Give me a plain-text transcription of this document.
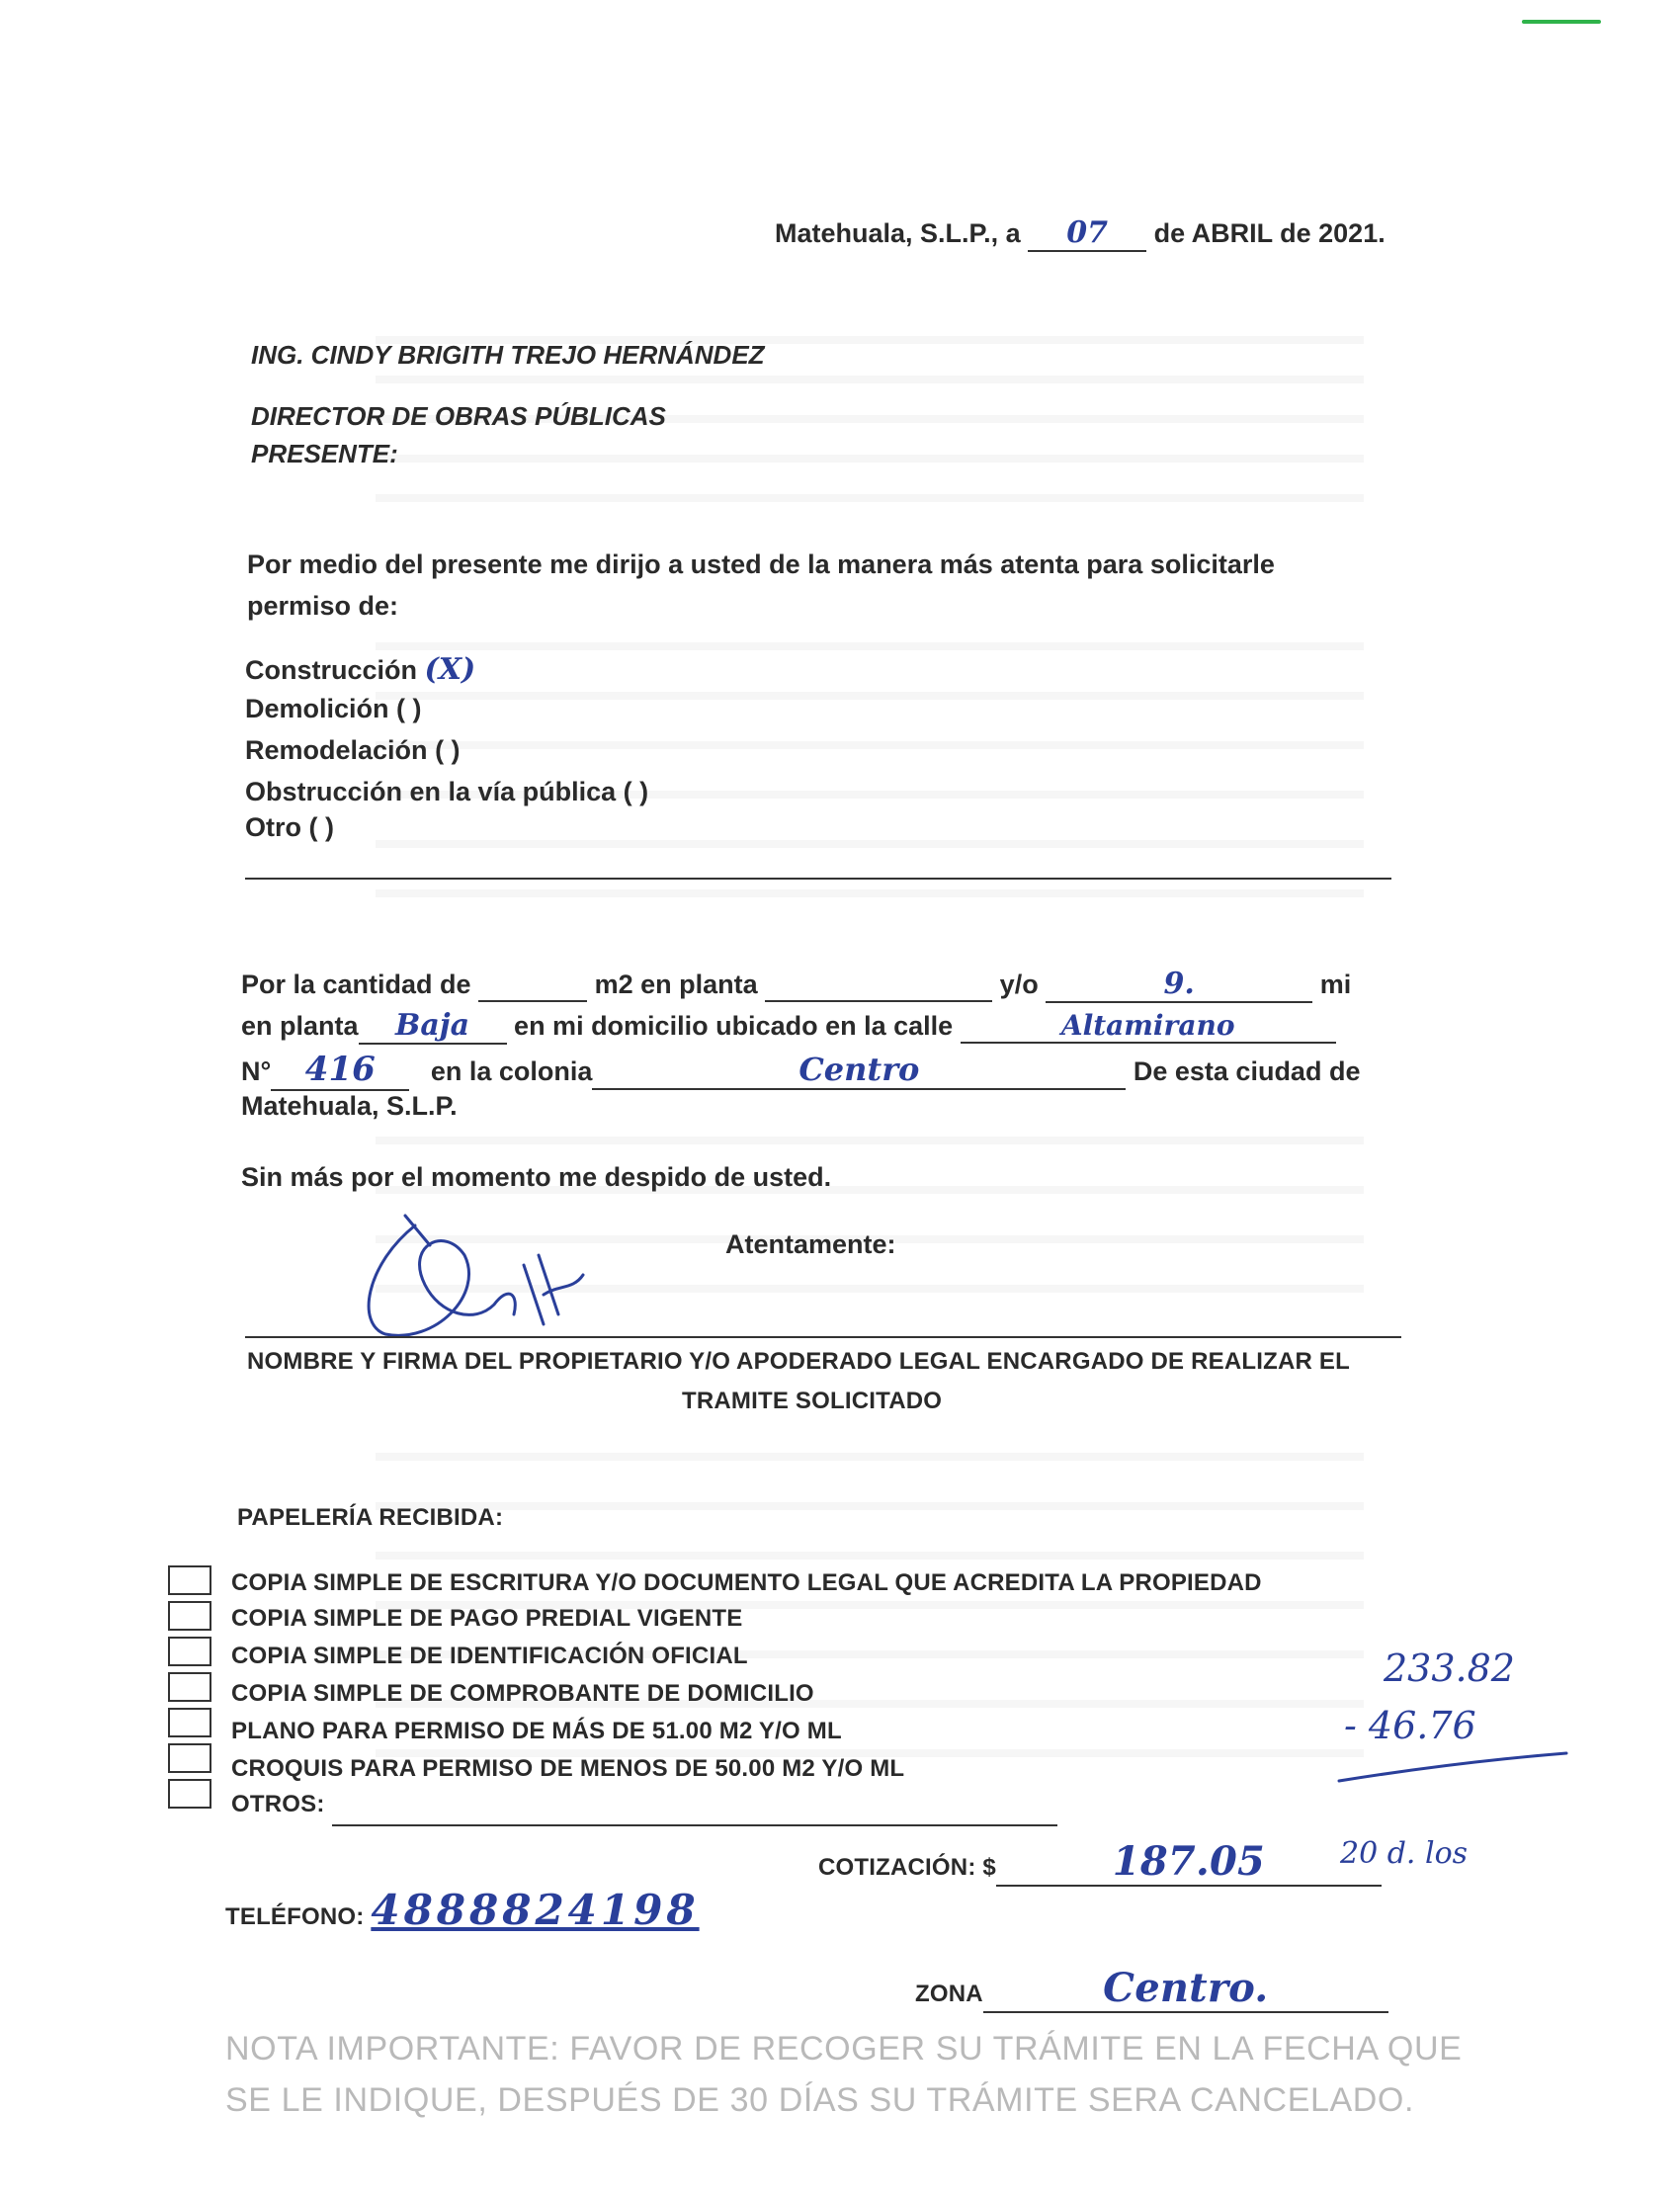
Matehuala, S.L.P., a 07 de ABRIL de 2021.
ING. CINDY BRIGITH TREJO HERNÁNDEZ
DIRECTOR DE OBRAS PÚBLICAS
PRESENTE:
Por medio del presente me dirijo a usted de la manera más atenta para solicitarle
permiso de:
Construcción (X)
Demolición ( )
Remodelación ( )
Obstrucción en la vía pública ( )
Otro ( )
Por la cantidad de	m2 en planta	y/o	9.	mi
en planta Baja en mi domicilio ubicado en la calle	Altamirano
N° 416 en la colonia	Centro	De esta ciudad de
Matehuala, S.L.P.
Sin más por el momento me despido de usted.
Atentamente:
NOMBRE Y FIRMA DEL PROPIETARIO Y/O APODERADO LEGAL ENCARGADO DE REALIZAR EL
TRAMITE SOLICITADO
PAPELERÍA RECIBIDA:
COPIA SIMPLE DE ESCRITURA Y/O DOCUMENTO LEGAL QUE ACREDITA LA PROPIEDAD
COPIA SIMPLE DE PAGO PREDIAL VIGENTE
COPIA SIMPLE DE IDENTIFICACIÓN OFICIAL
COPIA SIMPLE DE COMPROBANTE DE DOMICILIO
PLANO PARA PERMISO DE MÁS DE 51.00 M2 Y/O ML
CROQUIS PARA PERMISO DE MENOS DE 50.00 M2 Y/O ML
OTROS:
233.82
- 46.76
COTIZACIÓN: $	187.05	20 d. los
TELÉFONO: 4888824198
ZONA	Centro.
NOTA IMPORTANTE: FAVOR DE RECOGER SU TRÁMITE EN LA FECHA QUE
SE LE INDIQUE, DESPUÉS DE 30 DÍAS SU TRÁMITE SERA CANCELADO.
